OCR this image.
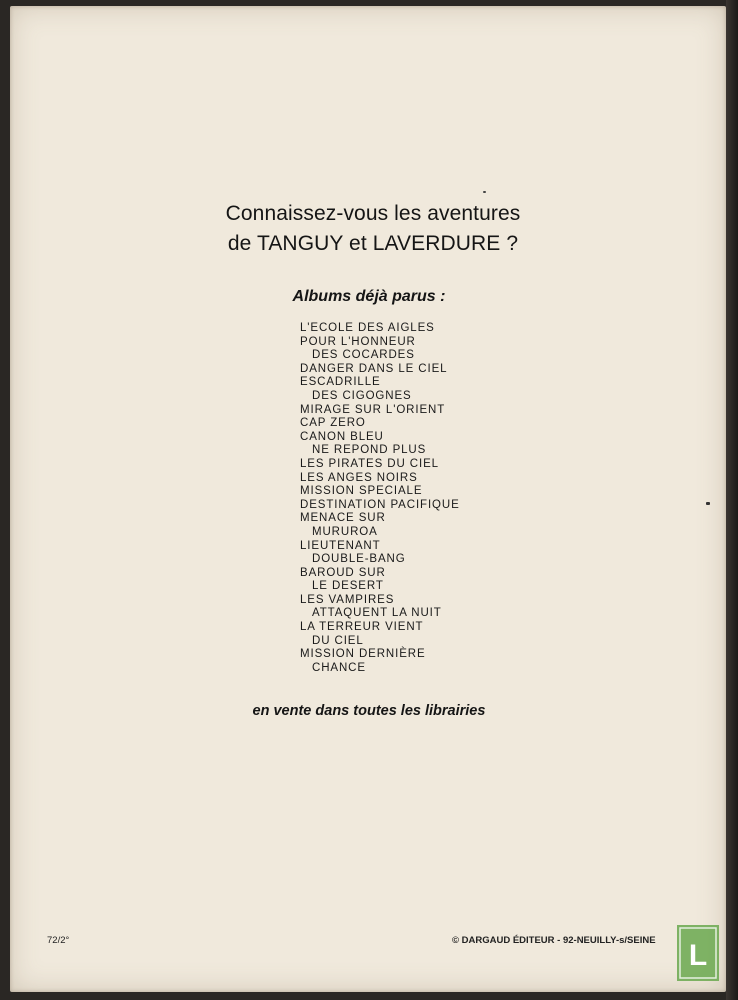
Connaissez-vous les aventures
de TANGUY et LAVERDURE ?
Albums déjà parus :
L'ECOLE DES AIGLES
POUR L'HONNEUR
DES COCARDES
DANGER DANS LE CIEL
ESCADRILLE
DES CIGOGNES
MIRAGE SUR L'ORIENT
CAP ZERO
CANON BLEU
NE REPOND PLUS
LES PIRATES DU CIEL
LES ANGES NOIRS
MISSION SPECIALE
DESTINATION PACIFIQUE
MENACE SUR
MURUROA
LIEUTENANT
DOUBLE-BANG
BAROUD SUR
LE DESERT
LES VAMPIRES
ATTAQUENT LA NUIT
LA TERREUR VIENT
DU CIEL
MISSION DERNIÈRE
CHANCE
en vente dans toutes les librairies
72/2°	© DARGAUD ÉDITEUR - 92-NEUILLY-s/SEINE L
